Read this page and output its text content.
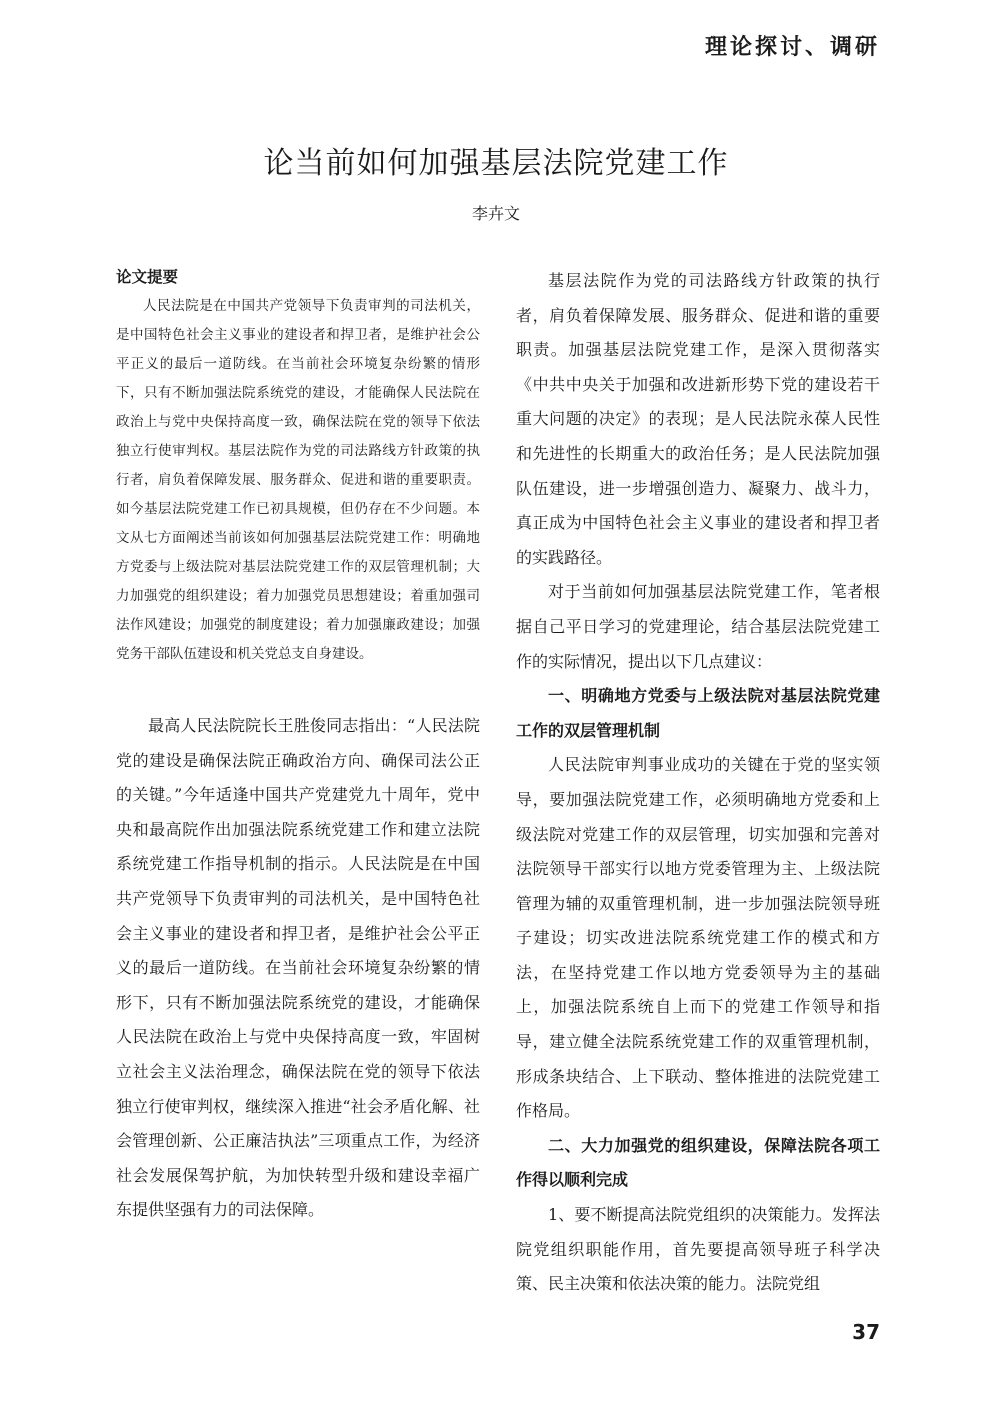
理论探讨、调研
论当前如何加强基层法院党建工作
李卉文

论文提要

人民法院是在中国共产党领导下负责审判的司法机关，是中国特色社会主义事业的建设者和捍卫者，是维护社会公平正义的最后一道防线。在当前社会环境复杂纷繁的情形下，只有不断加强法院系统党的建设，才能确保人民法院在政治上与党中央保持高度一致，确保法院在党的领导下依法独立行使审判权。基层法院作为党的司法路线方针政策的执行者，肩负着保障发展、服务群众、促进和谐的重要职责。如今基层法院党建工作已初具规模，但仍存在不少问题。本文从七方面阐述当前该如何加强基层法院党建工作：明确地方党委与上级法院对基层法院党建工作的双层管理机制；大力加强党的组织建设；着力加强党员思想建设；着重加强司法作风建设；加强党的制度建设；着力加强廉政建设；加强党务干部队伍建设和机关党总支自身建设。

最高人民法院院长王胜俊同志指出：“人民法院党的建设是确保法院正确政治方向、确保司法公正的关键。”今年适逢中国共产党建党九十周年，党中央和最高院作出加强法院系统党建工作和建立法院系统党建工作指导机制的指示。人民法院是在中国共产党领导下负责审判的司法机关，是中国特色社会主义事业的建设者和捍卫者，是维护社会公平正义的最后一道防线。在当前社会环境复杂纷繁的情形下，只有不断加强法院系统党的建设，才能确保人民法院在政治上与党中央保持高度一致，牢固树立社会主义法治理念，确保法院在党的领导下依法独立行使审判权，继续深入推进“社会矛盾化解、社会管理创新、公正廉洁执法”三项重点工作，为经济社会发展保驾护航，为加快转型升级和建设幸福广东提供坚强有力的司法保障。

基层法院作为党的司法路线方针政策的执行者，肩负着保障发展、服务群众、促进和谐的重要职责。加强基层法院党建工作，是深入贯彻落实《中共中央关于加强和改进新形势下党的建设若干重大问题的决定》的表现；是人民法院永葆人民性和先进性的长期重大的政治任务；是人民法院加强队伍建设，进一步增强创造力、凝聚力、战斗力，真正成为中国特色社会主义事业的建设者和捍卫者的实践路径。

对于当前如何加强基层法院党建工作，笔者根据自己平日学习的党建理论，结合基层法院党建工作的实际情况，提出以下几点建议：

一、明确地方党委与上级法院对基层法院党建工作的双层管理机制

人民法院审判事业成功的关键在于党的坚实领导，要加强法院党建工作，必须明确地方党委和上级法院对党建工作的双层管理，切实加强和完善对法院领导干部实行以地方党委管理为主、上级法院管理为辅的双重管理机制，进一步加强法院领导班子建设；切实改进法院系统党建工作的模式和方法，在坚持党建工作以地方党委领导为主的基础上，加强法院系统自上而下的党建工作领导和指导，建立健全法院系统党建工作的双重管理机制，形成条块结合、上下联动、整体推进的法院党建工作格局。

二、大力加强党的组织建设，保障法院各项工作得以顺利完成

1、要不断提高法院党组织的决策能力。发挥法院党组织职能作用，首先要提高领导班子科学决策、民主决策和依法决策的能力。法院党组

37
